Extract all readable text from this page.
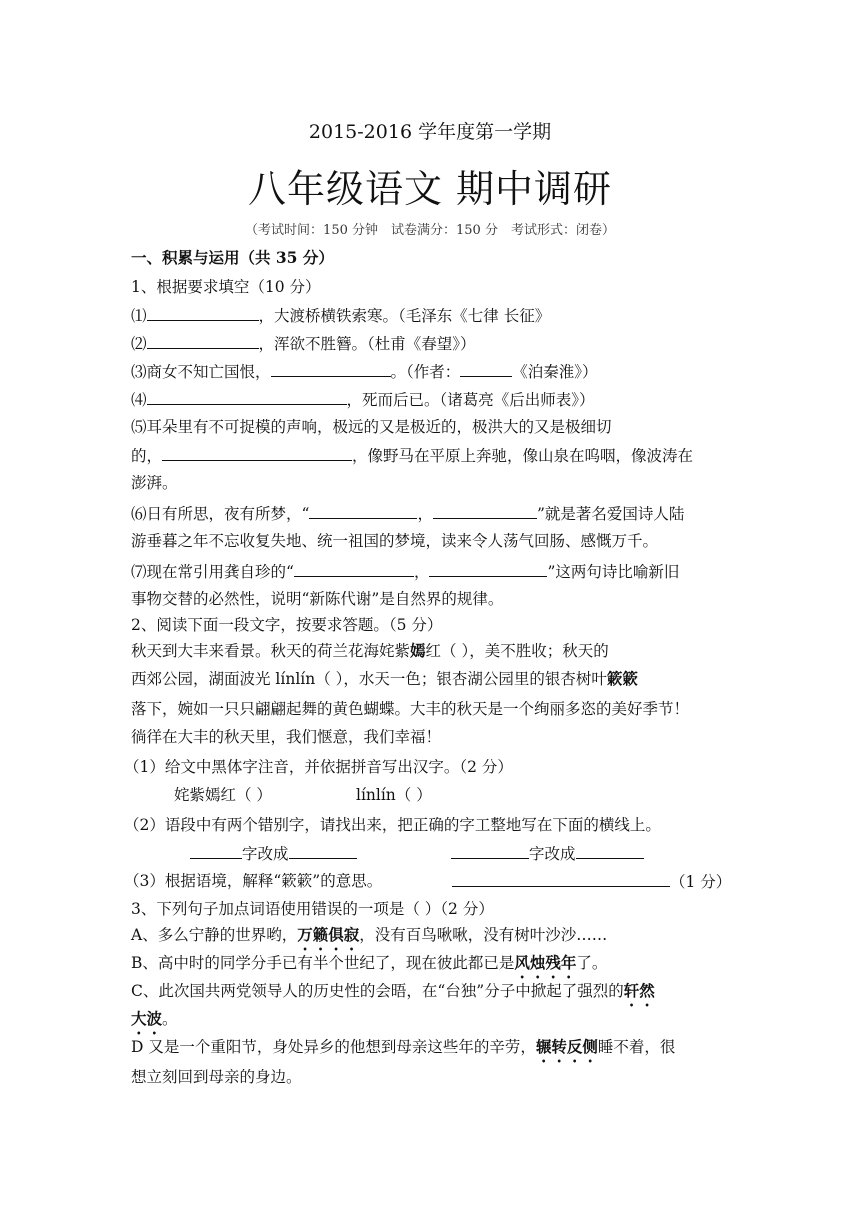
2015-2016 学年度第一学期
八年级语文 期中调研
（考试时间：150 分钟　试卷满分：150 分　考试形式：闭卷）
一、积累与运用（共 35 分）
1、根据要求填空（10 分）
⑴	，大渡桥横铁索寒。（毛泽东《七律 长征》
⑵	，浑欲不胜簪。（杜甫《春望》）
⑶商女不知亡国恨，	。（作者：	《泊秦淮》）
⑷	，死而后已。（诸葛亮《后出师表》）
⑸耳朵里有不可捉模的声响，极远的又是极近的，极洪大的又是极细切
的，	，像野马在平原上奔驰，像山泉在呜咽，像波涛在
澎湃。
⑹日有所思，夜有所梦，“	，	”就是著名爱国诗人陆
游垂暮之年不忘收复失地、统一祖国的梦境，读来令人荡气回肠、感慨万千。
⑺现在常引用龚自珍的“	，	”这两句诗比喻新旧
事物交替的必然性，说明“新陈代谢”是自然界的规律。
2、阅读下面一段文字，按要求答题。（5 分）
秋天到大丰来看景。秋天的荷兰花海姹紫嫣红（ ），美不胜收；秋天的
西郊公园，湖面波光 línlín（ ），水天一色；银杏湖公园里的银杏树叶簌簌
落下，婉如一只只翩翩起舞的黄色蝴蝶。大丰的秋天是一个绚丽多恣的美好季节！
徜徉在大丰的秋天里，我们惬意，我们幸福！
（1）给文中黑体字注音，并依据拼音写出汉字。（2 分）
姹紫嫣红（ ）	línlín（ ）
（2）语段中有两个错别字，请找出来，把正确的字工整地写在下面的横线上。
字改成	字改成
（3）根据语境，解释“簌簌”的意思。	（1 分）
3、下列句子加点词语使用错误的一项是（ ）（2 分）
A、多么宁静的世界哟，万籁俱寂，没有百鸟啾啾，没有树叶沙沙……
B、高中时的同学分手已有半个世纪了，现在彼此都已是风烛残年了。
C、此次国共两党领导人的历史性的会晤，在“台独”分子中掀起了强烈的轩然
大波。
D 又是一个重阳节，身处异乡的他想到母亲这些年的辛劳，辗转反侧睡不着，很
想立刻回到母亲的身边。
